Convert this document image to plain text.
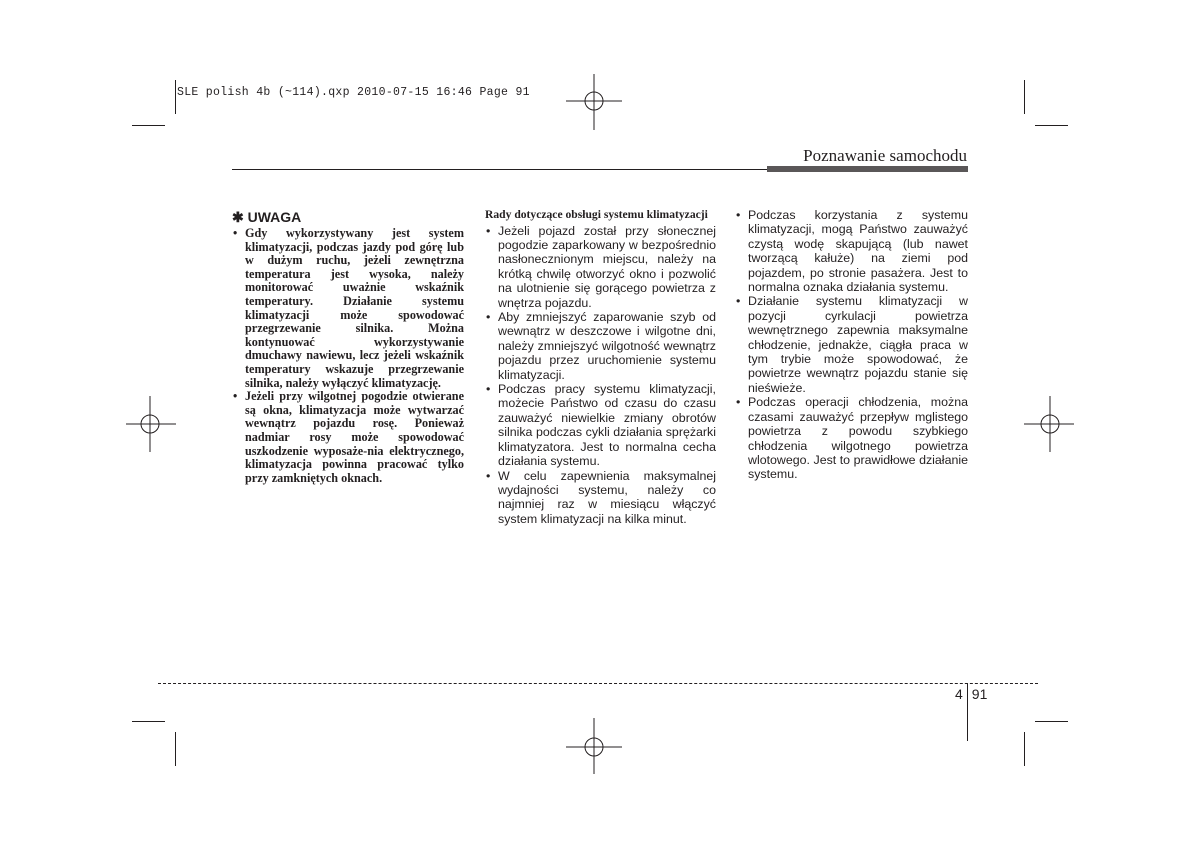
SLE polish 4b (~114).qxp 2010-07-15 16:46 Page 91
Poznawanie samochodu
✱ UWAGA
• Gdy wykorzystywany jest system klimatyzacji, podczas jazdy pod górę lub w dużym ruchu, jeżeli zewnętrzna temperatura jest wysoka, należy monitorować uważnie wskaźnik temperatury. Działanie systemu klimatyzacji może spowodować przegrzewanie silnika. Można kontynuować wykorzystywanie dmuchawy nawiewu, lecz jeżeli wskaźnik temperatury wskazuje przegrzewanie silnika, należy wyłączyć klimatyzację.
• Jeżeli przy wilgotnej pogodzie otwierane są okna, klimatyzacja może wytwarzać wewnątrz pojazdu rosę. Ponieważ nadmiar rosy może spowodować uszkodzenie wyposaże-nia elektrycznego, klimatyzacja powinna pracować tylko przy zamkniętych oknach.
Rady dotyczące obsługi systemu klimatyzacji
• Jeżeli pojazd został przy słonecznej pogodzie zaparkowany w bezpośrednio nasłonecznionym miejscu, należy na krótką chwilę otworzyć okno i pozwolić na ulotnienie się gorącego powietrza z wnętrza pojazdu.
• Aby zmniejszyć zaparowanie szyb od wewnątrz w deszczowe i wilgotne dni, należy zmniejszyć wilgotność wewnątrz pojazdu przez uruchomienie systemu klimatyzacji.
• Podczas pracy systemu klimatyzacji, możecie Państwo od czasu do czasu zauważyć niewielkie zmiany obrotów silnika podczas cykli działania sprężarki klimatyzatora. Jest to normalna cecha działania systemu.
• W celu zapewnienia maksymalnej wydajności systemu, należy co najmniej raz w miesiącu włączyć system klimatyzacji na kilka minut.
• Podczas korzystania z systemu klimatyzacji, mogą Państwo zauważyć czystą wodę skapującą (lub nawet tworzącą kałuże) na ziemi pod pojazdem, po stronie pasażera. Jest to normalna oznaka działania systemu.
• Działanie systemu klimatyzacji w pozycji cyrkulacji powietrza wewnętrznego zapewnia maksymalne chłodzenie, jednakże, ciągła praca w tym trybie może spowodować, że powietrze wewnątrz pojazdu stanie się nieświeże.
• Podczas operacji chłodzenia, można czasami zauważyć przepływ mglistego powietrza z powodu szybkiego chłodzenia wilgotnego powietrza wlotowego. Jest to prawidłowe działanie systemu.
4 91
